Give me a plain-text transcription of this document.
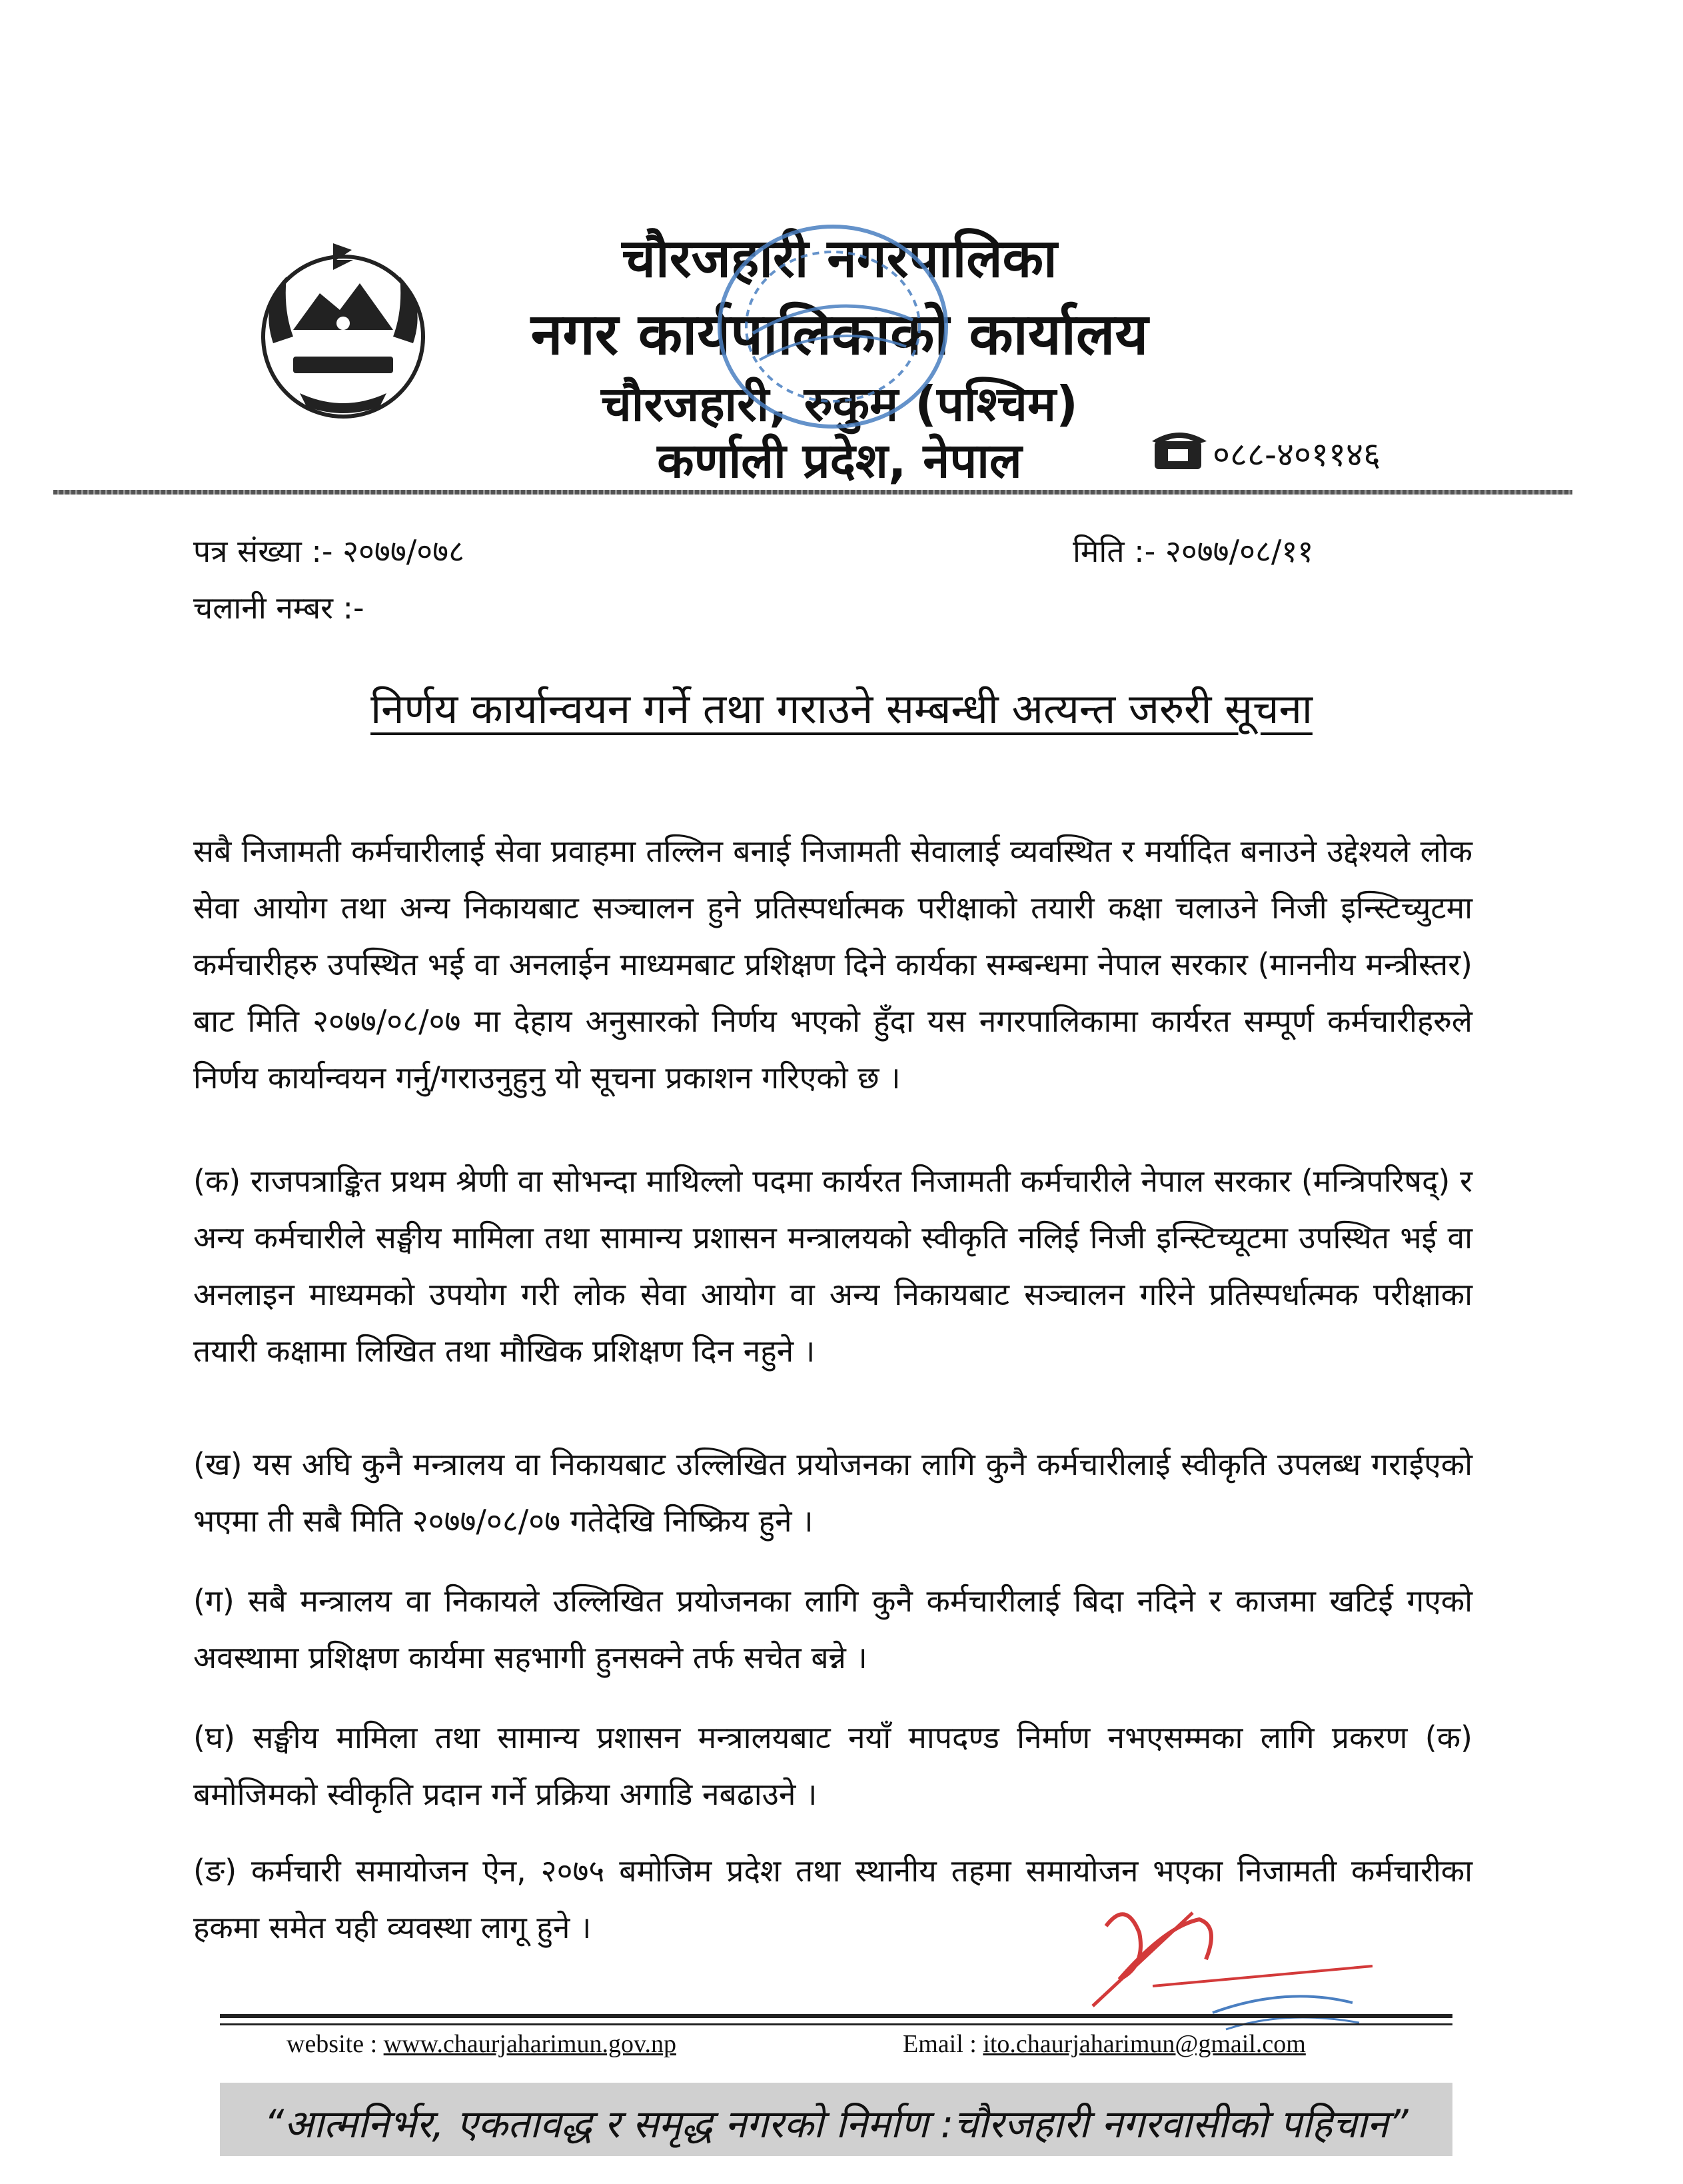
चौरजहारी नगरपालिका
नगर कार्यपालिकाको कार्यालय
चौरजहारी, रुकुम (पश्चिम)
कर्णाली प्रदेश, नेपाल	०८८-४०११४६
पत्र संख्या :- २०७७/०७८	मिति :- २०७७/०८/११
चलानी नम्बर :-
निर्णय कार्यान्वयन गर्ने तथा गराउने सम्बन्धी अत्यन्त जरुरी सूचना
सबै निजामती कर्मचारीलाई सेवा प्रवाहमा तल्लिन बनाई निजामती सेवालाई व्यवस्थित र मर्यादित बनाउने उद्देश्यले लोक सेवा आयोग तथा अन्य निकायबाट सञ्चालन हुने प्रतिस्पर्धात्मक परीक्षाको तयारी कक्षा चलाउने निजी इन्स्टिच्युटमा कर्मचारीहरु उपस्थित भई वा अनलाईन माध्यमबाट प्रशिक्षण दिने कार्यका सम्बन्धमा नेपाल सरकार (माननीय मन्त्रीस्तर) बाट मिति २०७७/०८/०७ मा देहाय अनुसारको निर्णय भएको हुँदा यस नगरपालिकामा कार्यरत सम्पूर्ण कर्मचारीहरुले निर्णय कार्यान्वयन गर्नु/गराउनुहुनु यो सूचना प्रकाशन गरिएको छ ।
(क) राजपत्राङ्कित प्रथम श्रेणी वा सोभन्दा माथिल्लो पदमा कार्यरत निजामती कर्मचारीले नेपाल सरकार (मन्त्रिपरिषद्) र अन्य कर्मचारीले सङ्घीय मामिला तथा सामान्य प्रशासन मन्त्रालयको स्वीकृति नलिई निजी इन्स्टिच्यूटमा उपस्थित भई वा अनलाइन माध्यमको उपयोग गरी लोक सेवा आयोग वा अन्य निकायबाट सञ्चालन गरिने प्रतिस्पर्धात्मक परीक्षाका तयारी कक्षामा लिखित तथा मौखिक प्रशिक्षण दिन नहुने ।
(ख) यस अघि कुनै मन्त्रालय वा निकायबाट उल्लिखित प्रयोजनका लागि कुनै कर्मचारीलाई स्वीकृति उपलब्ध गराईएको भएमा ती सबै मिति २०७७/०८/०७ गतेदेखि निष्क्रिय हुने ।
(ग) सबै मन्त्रालय वा निकायले उल्लिखित प्रयोजनका लागि कुनै कर्मचारीलाई बिदा नदिने र काजमा खटिई गएको अवस्थामा प्रशिक्षण कार्यमा सहभागी हुनसक्ने तर्फ सचेत बन्ने ।
(घ) सङ्घीय मामिला तथा सामान्य प्रशासन मन्त्रालयबाट नयाँ मापदण्ड निर्माण नभएसम्मका लागि प्रकरण (क) बमोजिमको स्वीकृति प्रदान गर्ने प्रक्रिया अगाडि नबढाउने ।
(ङ) कर्मचारी समायोजन ऐन, २०७५ बमोजिम प्रदेश तथा स्थानीय तहमा समायोजन भएका निजामती कर्मचारीका हकमा समेत यही व्यवस्था लागू हुने ।
website : www.chaurjaharimun.gov.np	Email : ito.chaurjaharimun@gmail.com
“आत्मनिर्भर, एकतावद्ध र समृद्ध नगरको निर्माण :चौरजहारी नगरवासीको पहिचान”
